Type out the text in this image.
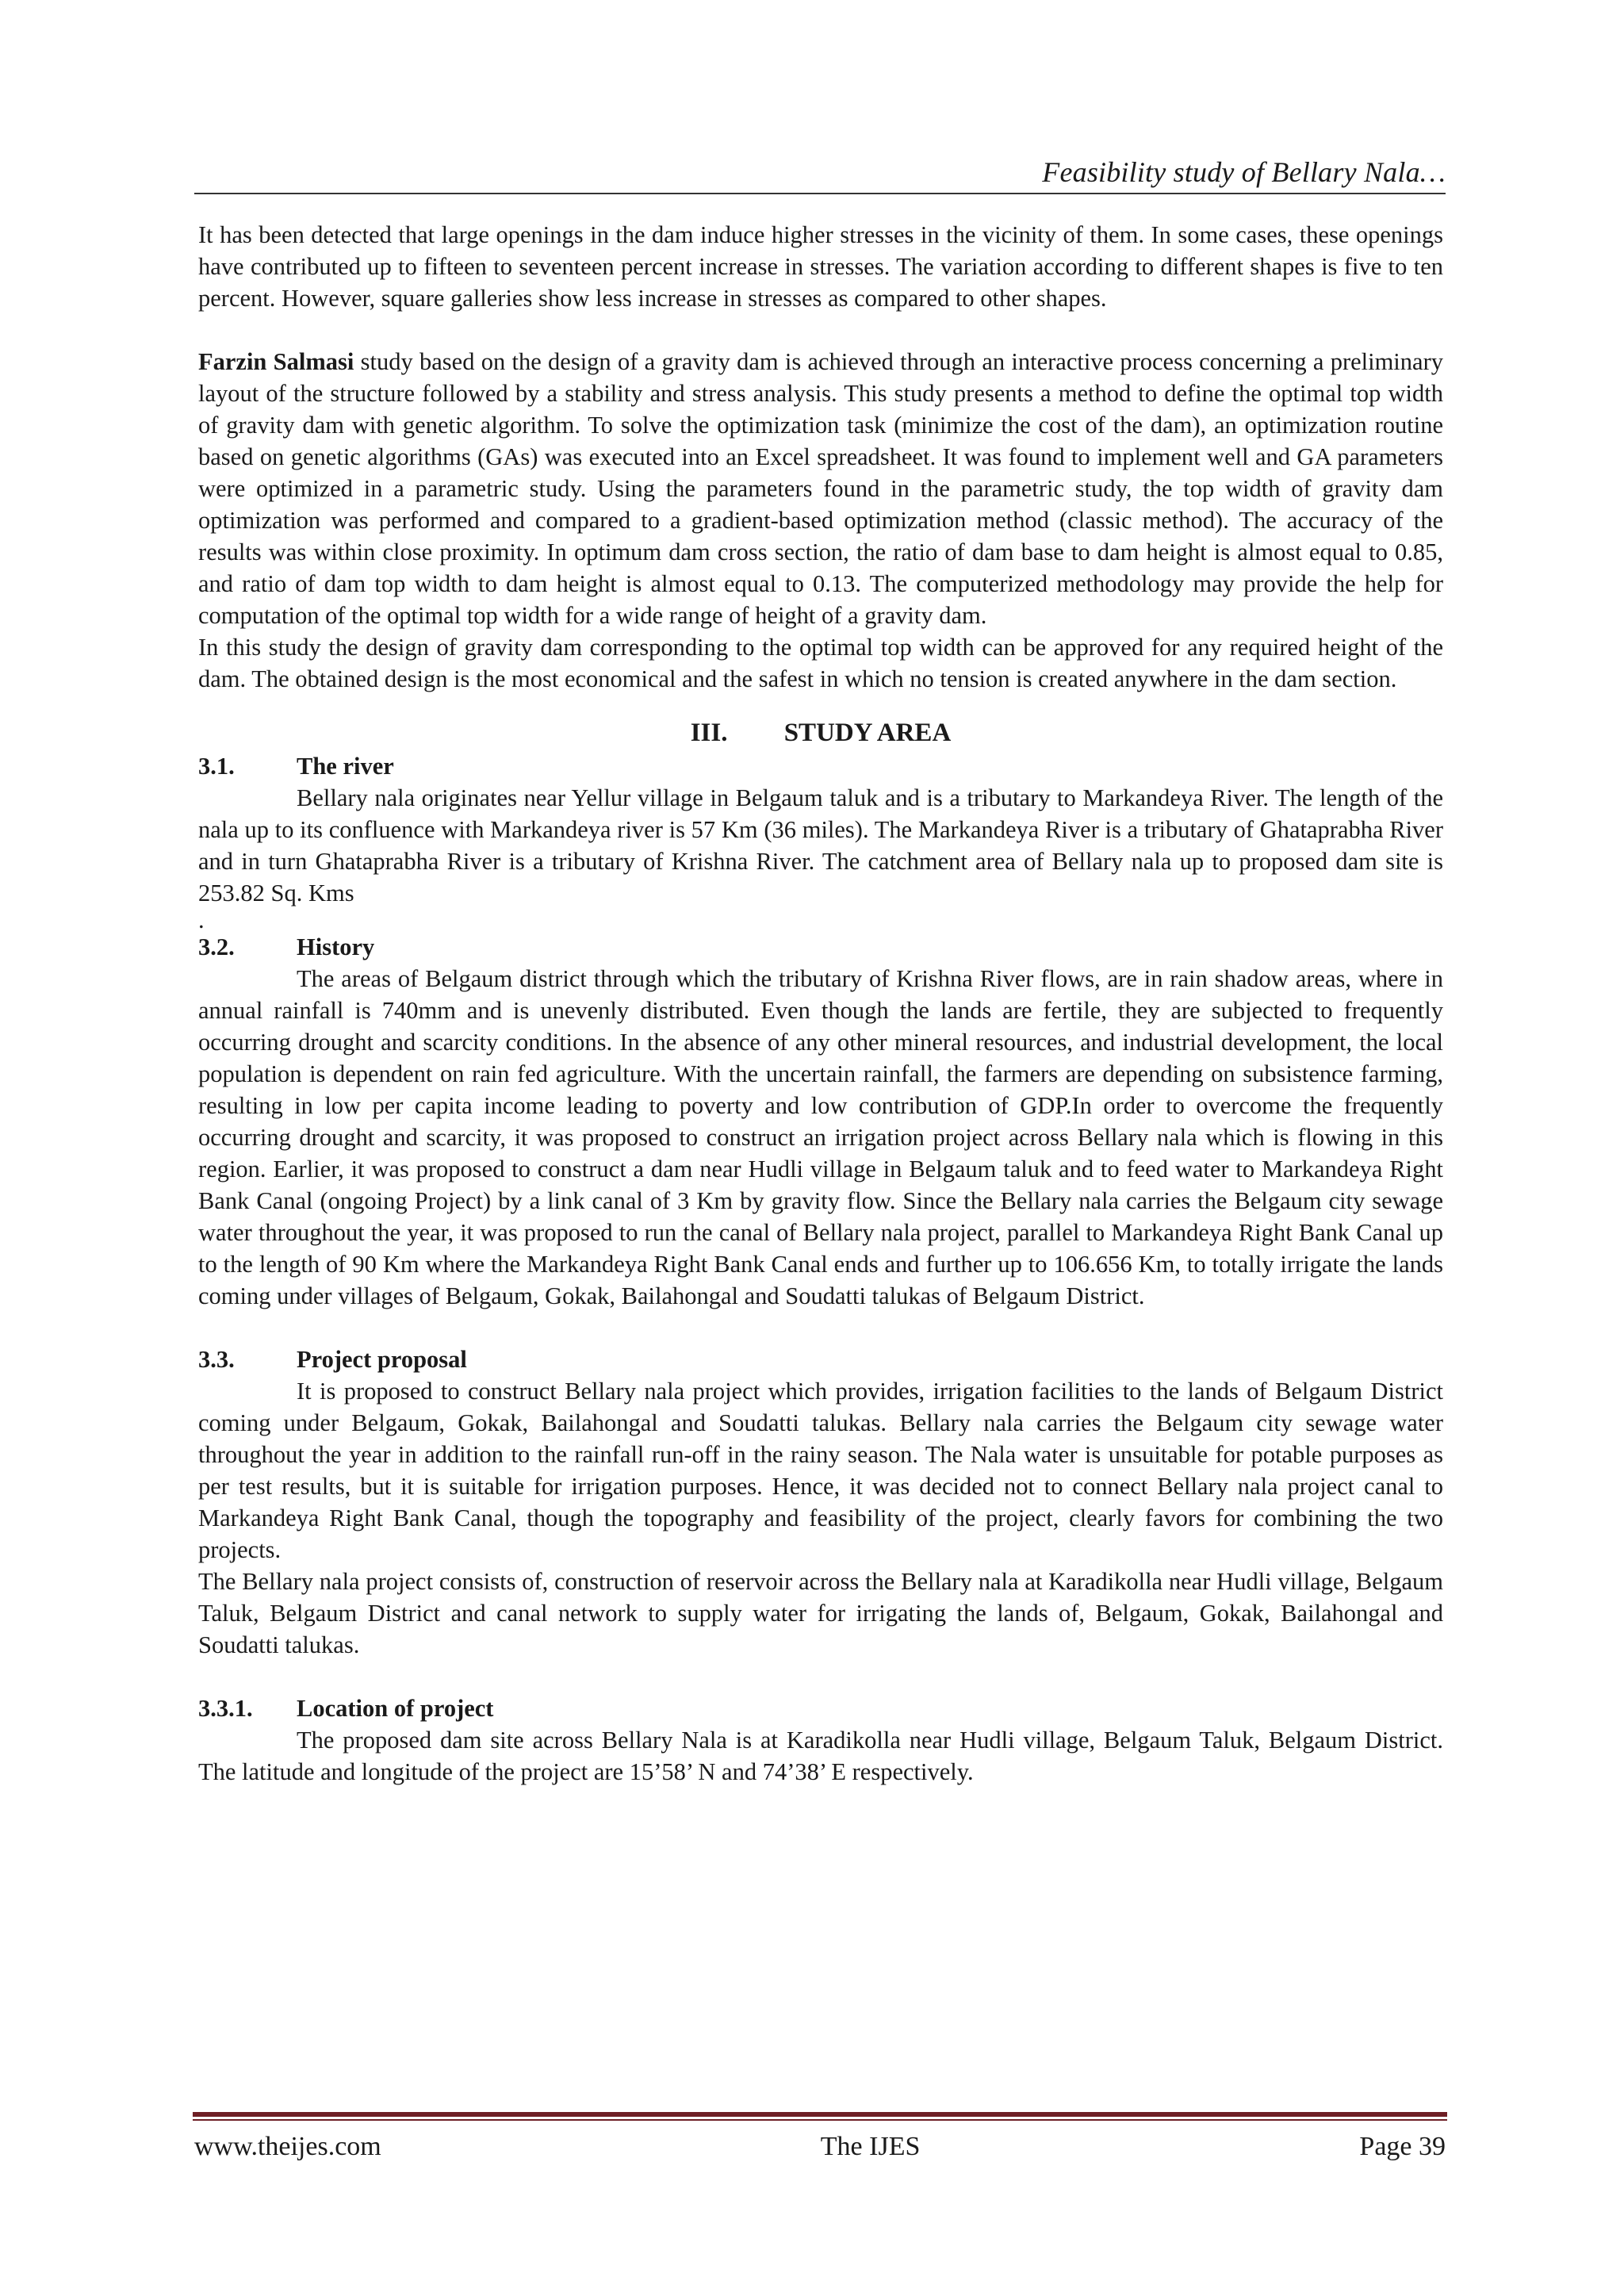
Feasibility study of Bellary Nala…

It has been detected that large openings in the dam induce higher stresses in the vicinity of them. In some cases, these openings have contributed up to fifteen to seventeen percent increase in stresses. The variation according to different shapes is five to ten percent. However, square galleries show less increase in stresses as compared to other shapes.

Farzin Salmasi study based on the design of a gravity dam is achieved through an interactive process concerning a preliminary layout of the structure followed by a stability and stress analysis. This study presents a method to define the optimal top width of gravity dam with genetic algorithm. To solve the optimization task (minimize the cost of the dam), an optimization routine based on genetic algorithms (GAs) was executed into an Excel spreadsheet. It was found to implement well and GA parameters were optimized in a parametric study. Using the parameters found in the parametric study, the top width of gravity dam optimization was performed and compared to a gradient-based optimization method (classic method). The accuracy of the results was within close proximity. In optimum dam cross section, the ratio of dam base to dam height is almost equal to 0.85, and ratio of dam top width to dam height is almost equal to 0.13. The computerized methodology may provide the help for computation of the optimal top width for a wide range of height of a gravity dam.

In this study the design of gravity dam corresponding to the optimal top width can be approved for any required height of the dam. The obtained design is the most economical and the safest in which no tension is created anywhere in the dam section.

III. STUDY AREA
3.1.	The river

Bellary nala originates near Yellur village in Belgaum taluk and is a tributary to Markandeya River. The length of the nala up to its confluence with Markandeya river is 57 Km (36 miles). The Markandeya River is a tributary of Ghataprabha River and in turn Ghataprabha River is a tributary of Krishna River. The catchment area of Bellary nala up to proposed dam site is 253.82 Sq. Kms

.

3.2.	History

The areas of Belgaum district through which the tributary of Krishna River flows, are in rain shadow areas, where in annual rainfall is 740mm and is unevenly distributed. Even though the lands are fertile, they are subjected to frequently occurring drought and scarcity conditions. In the absence of any other mineral resources, and industrial development, the local population is dependent on rain fed agriculture. With the uncertain rainfall, the farmers are depending on subsistence farming, resulting in low per capita income leading to poverty and low contribution of GDP.In order to overcome the frequently occurring drought and scarcity, it was proposed to construct an irrigation project across Bellary nala which is flowing in this region. Earlier, it was proposed to construct a dam near Hudli village in Belgaum taluk and to feed water to Markandeya Right Bank Canal (ongoing Project) by a link canal of 3 Km by gravity flow. Since the Bellary nala carries the Belgaum city sewage water throughout the year, it was proposed to run the canal of Bellary nala project, parallel to Markandeya Right Bank Canal up to the length of 90 Km where the Markandeya Right Bank Canal ends and further up to 106.656 Km, to totally irrigate the lands coming under villages of Belgaum, Gokak, Bailahongal and Soudatti talukas of Belgaum District.

3.3.	Project proposal

It is proposed to construct Bellary nala project which provides, irrigation facilities to the lands of Belgaum District coming under Belgaum, Gokak, Bailahongal and Soudatti talukas. Bellary nala carries the Belgaum city sewage water throughout the year in addition to the rainfall run-off in the rainy season. The Nala water is unsuitable for potable purposes as per test results, but it is suitable for irrigation purposes. Hence, it was decided not to connect Bellary nala project canal to Markandeya Right Bank Canal, though the topography and feasibility of the project, clearly favors for combining the two projects.

The Bellary nala project consists of, construction of reservoir across the Bellary nala at Karadikolla near Hudli village, Belgaum Taluk, Belgaum District and canal network to supply water for irrigating the lands of, Belgaum, Gokak, Bailahongal and Soudatti talukas.

3.3.1.	Location of project

The proposed dam site across Bellary Nala is at Karadikolla near Hudli village, Belgaum Taluk, Belgaum District. The latitude and longitude of the project are 15’58’ N and 74’38’ E respectively.

www.theijes.com	The IJES	Page 39
